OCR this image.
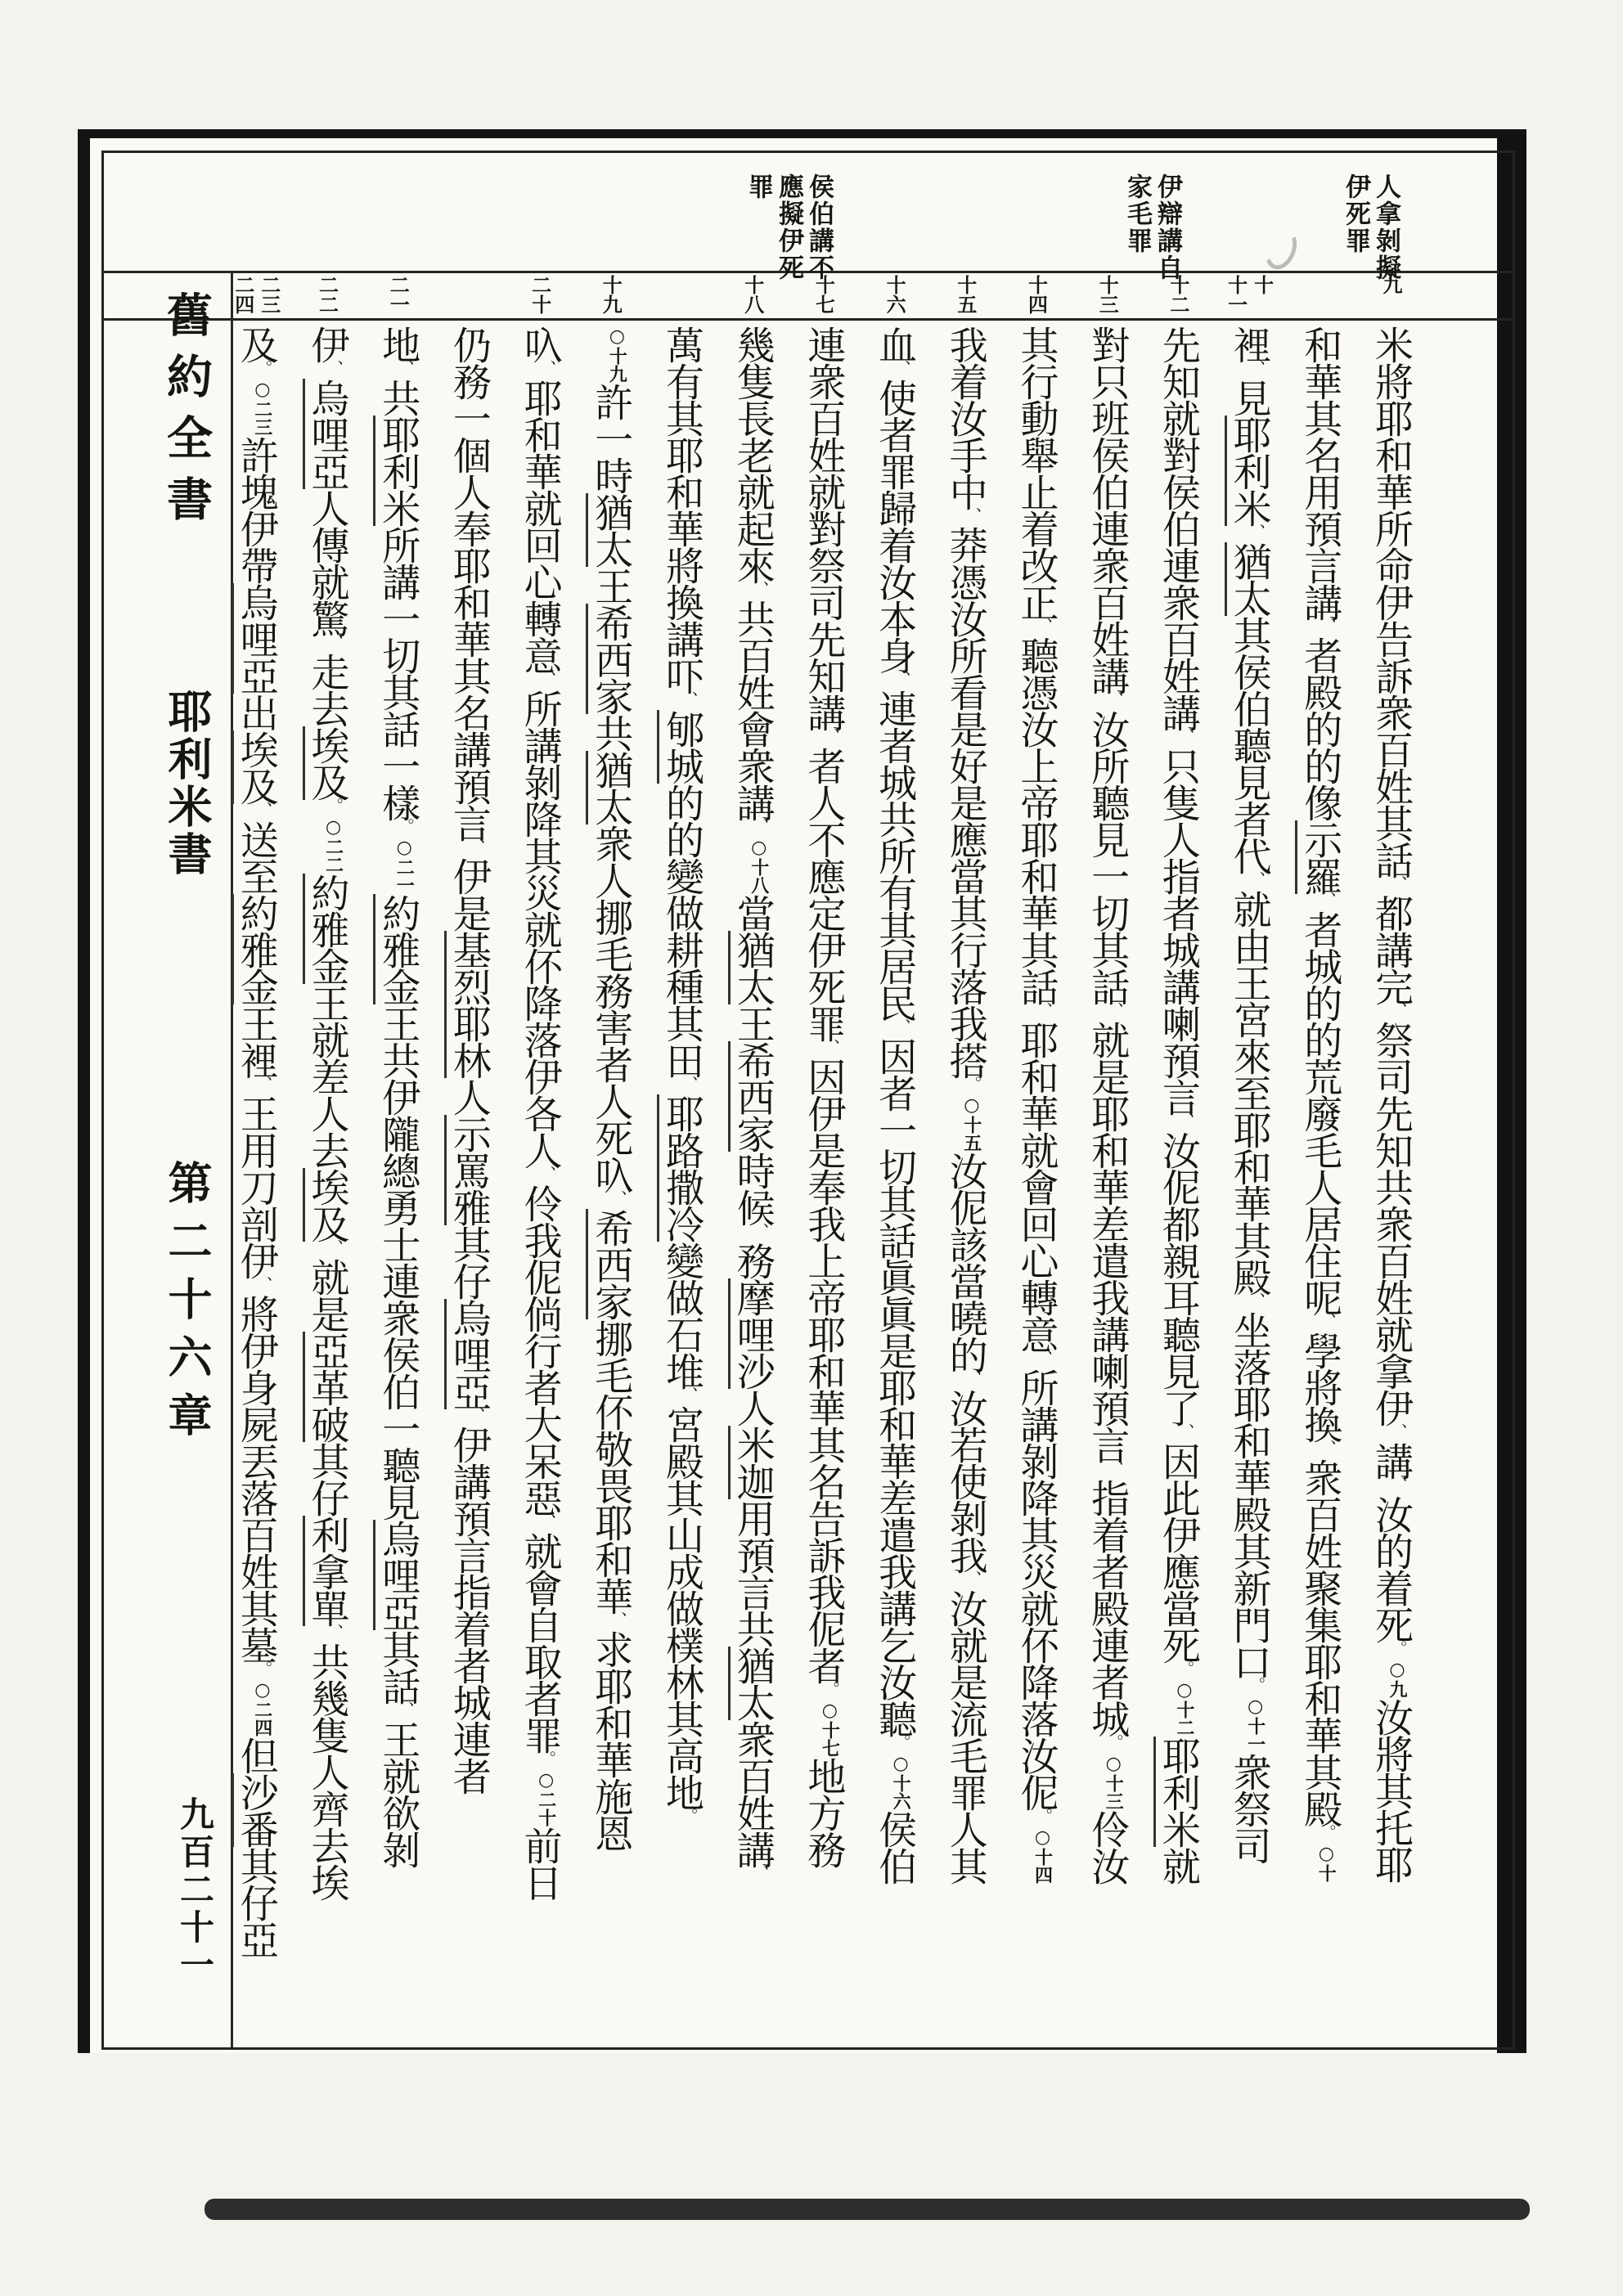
人拿剝擬伊死罪
伊辯講自家毛罪
侯伯講不應擬伊死罪
九
十
十一
十二
十三
十四
十五
十六
十七
十八
十九
二十
二一
二二
二三
二四
米將耶和華所命伊告訴衆百姓其話、都講完、祭司先知共衆百姓就拿伊、講、汝的着死。○九汝將其托耶
和華其名用預言講、者殿的的像示羅、者城的的荒廢毛人居住呢、學將換、衆百姓聚集耶和華其殿。○十
裡、見耶利米、猶太其侯伯聽見者代、就由王宮來至耶和華其殿、坐落耶和華殿其新門口。○十一衆祭司
先知就對侯伯連衆百姓講、只隻人指者城講喇預言、汝伲都親耳聽見了、因此伊應當死。○十二耶利米就
對只班侯伯連衆百姓講、汝所聽見一切其話、就是耶和華差遣我講喇預言、指着者殿連者城。○十三伶汝
其行動舉止着改正、聽憑汝上帝耶和華其話、耶和華就會回心轉意、所講剝降其災就伓降落汝伲。○十四
我着汝手中、莽憑汝所看是好是應當其行落我搭。○十五汝伲該當曉的、汝若使剝我、汝就是流毛罪人其
血、使者罪歸着汝本身、連者城共所有其居民、因者一切其話眞眞是耶和華差遣我講乞汝聽。○十六侯伯
連衆百姓就對祭司先知講、者人不應定伊死罪、因伊是奉我上帝耶和華其名告訴我伲者。○十七地方務
幾隻長老就起來、共百姓會衆講、○十八當猶太王希西家時候、務摩哩沙人米迦用預言共猶太衆百姓講、
萬有其耶和華將換講吓、郇城的的變做耕種其田、耶路撒冷變做石堆、宮殿其山成做樸林其高地。
○十九許一時猶太王希西家共猶太衆人挪毛務害者人死叺、希西家挪毛伓敬畏耶和華、求耶和華施恩
叺、耶和華就回心轉意、所講剝降其災就伓降落伊各人、伶我伲倘行者大呆惡、就會自取者罪。○二十前日
仍務一個人奉耶和華其名講預言、伊是基烈耶林人示罵雅其仔烏哩亞、伊講預言指着者城連者
地、共耶利米所講一切其話一樣。○二一約雅金王共伊隴總勇士連衆侯伯一聽見烏哩亞其話、王就欲剝
伊、烏哩亞人傳就驚、走去埃及。○二二約雅金王就差人去埃及、就是亞革破其仔利拿單、共幾隻人齊去埃
及。○二三許塊伊帶烏哩亞出埃及、送至約雅金王裡、王用刀剖伊、將伊身屍丟落百姓其墓。○二四但沙番其仔亞
舊約全書
耶利米書
第二十六章
九百二十一
